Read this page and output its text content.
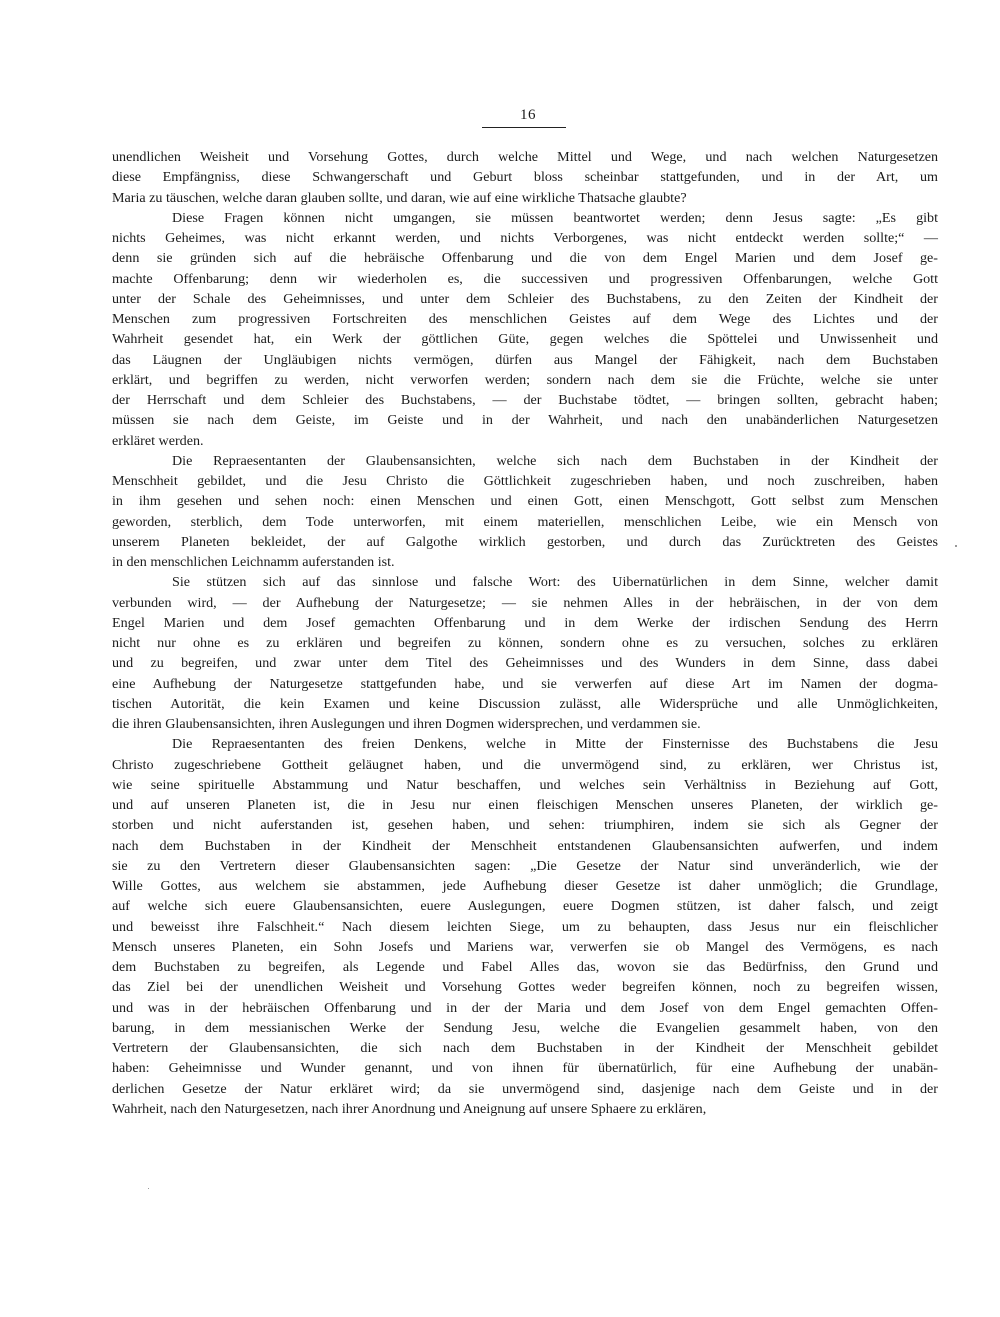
16
unendlichen Weisheit und Vorsehung Gottes, durch welche Mittel und Wege, und nach welchen Naturgesetzen
diese Empfängniss, diese Schwangerschaft und Geburt bloss scheinbar stattgefunden, und in der Art, um
Maria zu täuschen, welche daran glauben sollte, und daran, wie auf eine wirkliche Thatsache glaubte?
Diese Fragen können nicht umgangen, sie müssen beantwortet werden; denn Jesus sagte: „Es gibt
nichts Geheimes, was nicht erkannt werden, und nichts Verborgenes, was nicht entdeckt werden sollte;“ —
denn sie gründen sich auf die hebräische Offenbarung und die von dem Engel Marien und dem Josef ge-
machte Offenbarung; denn wir wiederholen es, die successiven und progressiven Offenbarungen, welche Gott
unter der Schale des Geheimnisses, und unter dem Schleier des Buchstabens, zu den Zeiten der Kindheit der
Menschen zum progressiven Fortschreiten des menschlichen Geistes auf dem Wege des Lichtes und der
Wahrheit gesendet hat, ein Werk der göttlichen Güte, gegen welches die Spöttelei und Unwissenheit und
das Läugnen der Ungläubigen nichts vermögen, dürfen aus Mangel der Fähigkeit, nach dem Buchstaben
erklärt, und begriffen zu werden, nicht verworfen werden; sondern nach dem sie die Früchte, welche sie unter
der Herrschaft und dem Schleier des Buchstabens, — der Buchstabe tödtet, — bringen sollten, gebracht haben;
müssen sie nach dem Geiste, im Geiste und in der Wahrheit, und nach den unabänderlichen Naturgesetzen
erkläret werden.
Die Repraesentanten der Glaubensansichten, welche sich nach dem Buchstaben in der Kindheit der
Menschheit gebildet, und die Jesu Christo die Göttlichkeit zugeschrieben haben, und noch zuschreiben, haben
in ihm gesehen und sehen noch: einen Menschen und einen Gott, einen Menschgott, Gott selbst zum Menschen
geworden, sterblich, dem Tode unterworfen, mit einem materiellen, menschlichen Leibe, wie ein Mensch von
unserem Planeten bekleidet, der auf Galgothe wirklich gestorben, und durch das Zurücktreten des Geistes
in den menschlichen Leichnamm auferstanden ist.
Sie stützen sich auf das sinnlose und falsche Wort: des Uibernatürlichen in dem Sinne, welcher damit
verbunden wird, — der Aufhebung der Naturgesetze; — sie nehmen Alles in der hebräischen, in der von dem
Engel Marien und dem Josef gemachten Offenbarung und in dem Werke der irdischen Sendung des Herrn
nicht nur ohne es zu erklären und begreifen zu können, sondern ohne es zu versuchen, solches zu erklären
und zu begreifen, und zwar unter dem Titel des Geheimnisses und des Wunders in dem Sinne, dass dabei
eine Aufhebung der Naturgesetze stattgefunden habe, und sie verwerfen auf diese Art im Namen der dogma-
tischen Autorität, die kein Examen und keine Discussion zulässt, alle Widersprüche und alle Unmöglichkeiten,
die ihren Glaubensansichten, ihren Auslegungen und ihren Dogmen widersprechen, und verdammen sie.
Die Repraesentanten des freien Denkens, welche in Mitte der Finsternisse des Buchstabens die Jesu
Christo zugeschriebene Gottheit geläugnet haben, und die unvermögend sind, zu erklären, wer Christus ist,
wie seine spirituelle Abstammung und Natur beschaffen, und welches sein Verhältniss in Beziehung auf Gott,
und auf unseren Planeten ist, die in Jesu nur einen fleischigen Menschen unseres Planeten, der wirklich ge-
storben und nicht auferstanden ist, gesehen haben, und sehen: triumphiren, indem sie sich als Gegner der
nach dem Buchstaben in der Kindheit der Menschheit entstandenen Glaubensansichten aufwerfen, und indem
sie zu den Vertretern dieser Glaubensansichten sagen: „Die Gesetze der Natur sind unveränderlich, wie der
Wille Gottes, aus welchem sie abstammen, jede Aufhebung dieser Gesetze ist daher unmöglich; die Grundlage,
auf welche sich euere Glaubensansichten, euere Auslegungen, euere Dogmen stützen, ist daher falsch, und zeigt
und beweisst ihre Falschheit.“ Nach diesem leichten Siege, um zu behaupten, dass Jesus nur ein fleischlicher
Mensch unseres Planeten, ein Sohn Josefs und Mariens war, verwerfen sie ob Mangel des Vermögens, es nach
dem Buchstaben zu begreifen, als Legende und Fabel Alles das, wovon sie das Bedürfniss, den Grund und
das Ziel bei der unendlichen Weisheit und Vorsehung Gottes weder begreifen können, noch zu begreifen wissen,
und was in der hebräischen Offenbarung und in der der Maria und dem Josef von dem Engel gemachten Offen-
barung, in dem messianischen Werke der Sendung Jesu, welche die Evangelien gesammelt haben, von den
Vertretern der Glaubensansichten, die sich nach dem Buchstaben in der Kindheit der Menschheit gebildet
haben: Geheimnisse und Wunder genannt, und von ihnen für übernatürlich, für eine Aufhebung der unabän-
derlichen Gesetze der Natur erkläret wird; da sie unvermögend sind, dasjenige nach dem Geiste und in der
Wahrheit, nach den Naturgesetzen, nach ihrer Anordnung und Aneignung auf unsere Sphaere zu erklären,
